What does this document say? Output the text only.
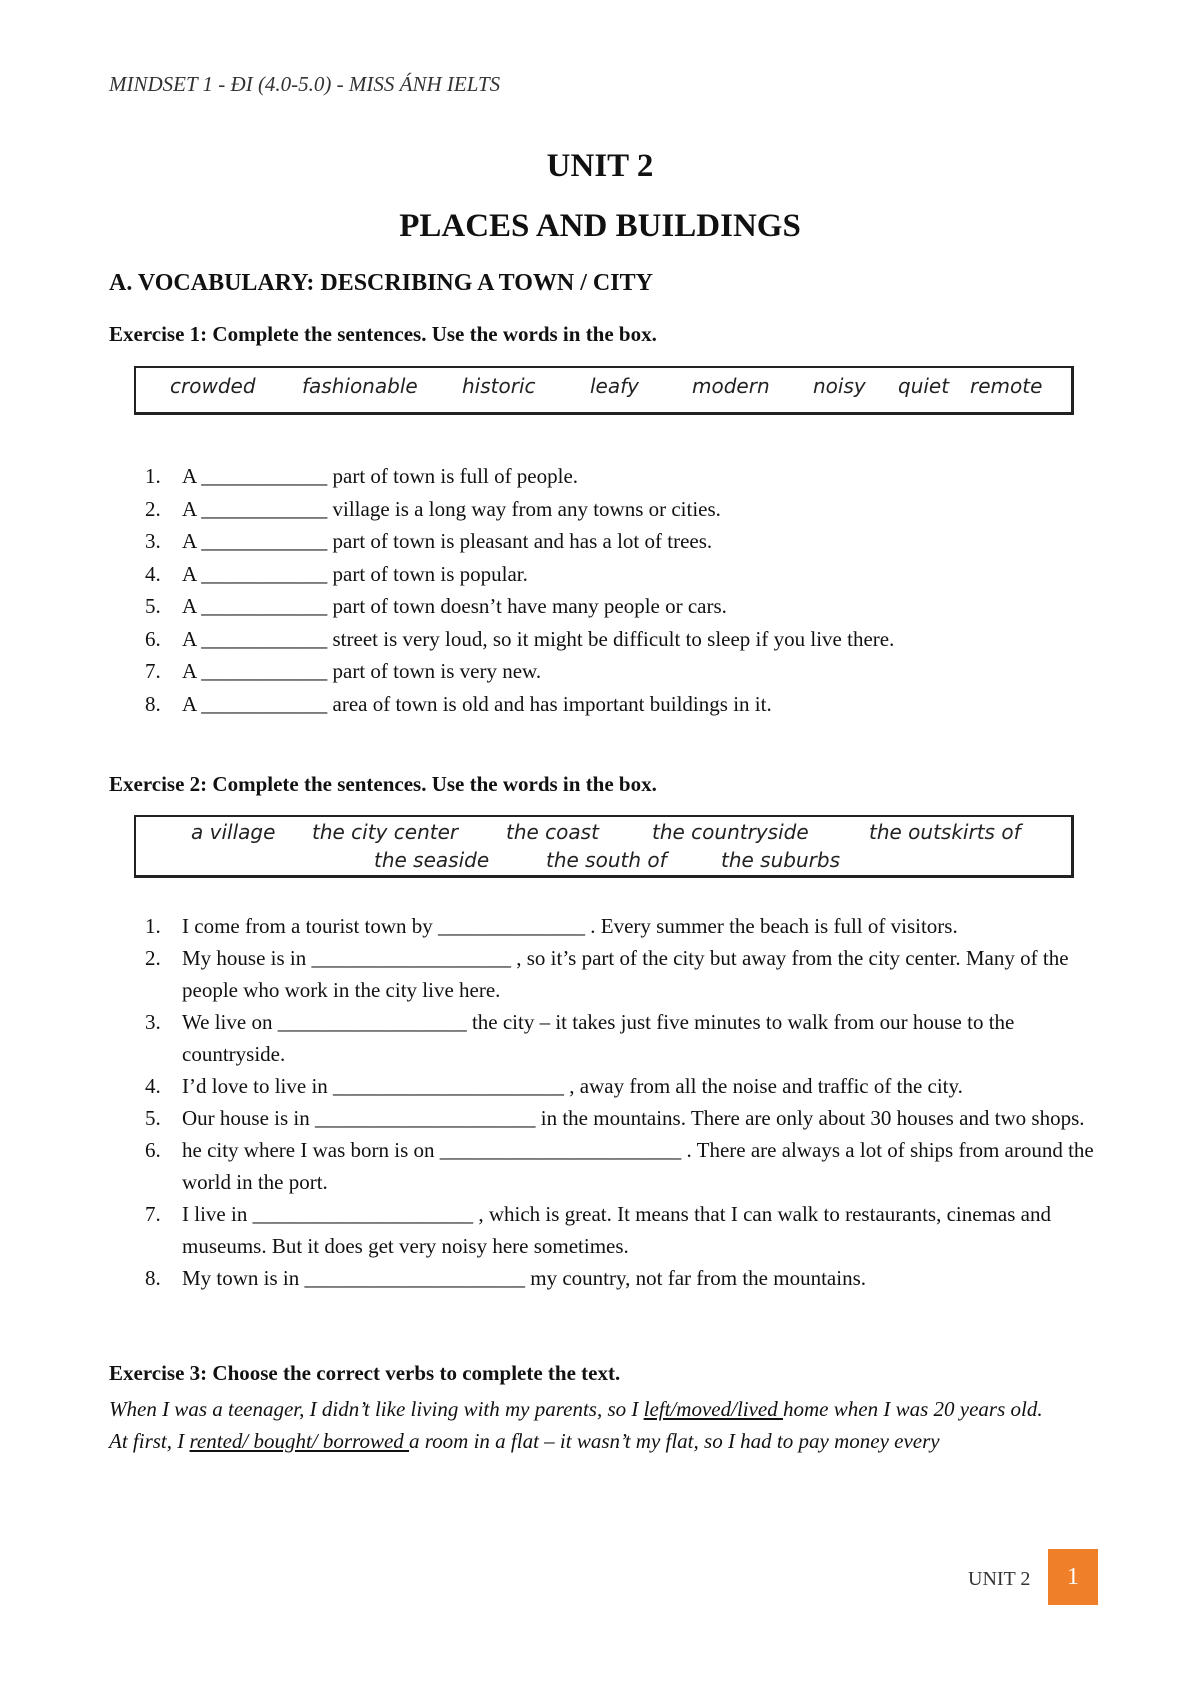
MINDSET 1 - ĐI (4.0-5.0) - MISS ÁNH IELTS
UNIT 2
PLACES AND BUILDINGS
A. VOCABULARY: DESCRIBING A TOWN / CITY
Exercise 1: Complete the sentences. Use the words in the box.
crowded fashionable historic	leafy	modern noisy quiet remote
1. A ____________ part of town is full of people.
2. A ____________ village is a long way from any towns or cities.
3. A ____________ part of town is pleasant and has a lot of trees.
4. A ____________ part of town is popular.
5. A ____________ part of town doesn’t have many people or cars.
6. A ____________ street is very loud, so it might be difficult to sleep if you live there.
7. A ____________ part of town is very new.
8. A ____________ area of town is old and has important buildings in it.
Exercise 2: Complete the sentences. Use the words in the box.
a village the city center the coast	the countryside	the outskirts of
the seaside	the south of	the suburbs
1. I come from a tourist town by ______________ . Every summer the beach is full of visitors.
2. My house is in ___________________ , so it’s part of the city but away from the city center. Many of the people who work in the city live here.
3. We live on __________________ the city – it takes just five minutes to walk from our house to the countryside.
4. I’d love to live in ______________________ , away from all the noise and traffic of the city.
5. Our house is in _____________________ in the mountains. There are only about 30 houses and two shops.
6. he city where I was born is on _______________________ . There are always a lot of ships from around the world in the port.
7. I live in _____________________ , which is great. It means that I can walk to restaurants, cinemas and museums. But it does get very noisy here sometimes.
8. My town is in _____________________ my country, not far from the mountains.
Exercise 3: Choose the correct verbs to complete the text.
When I was a teenager, I didn’t like living with my parents, so I left/moved/lived home when I was 20 years old.
At first, I rented/ bought/ borrowed a room in a flat – it wasn’t my flat, so I had to pay money every
UNIT 2	1
